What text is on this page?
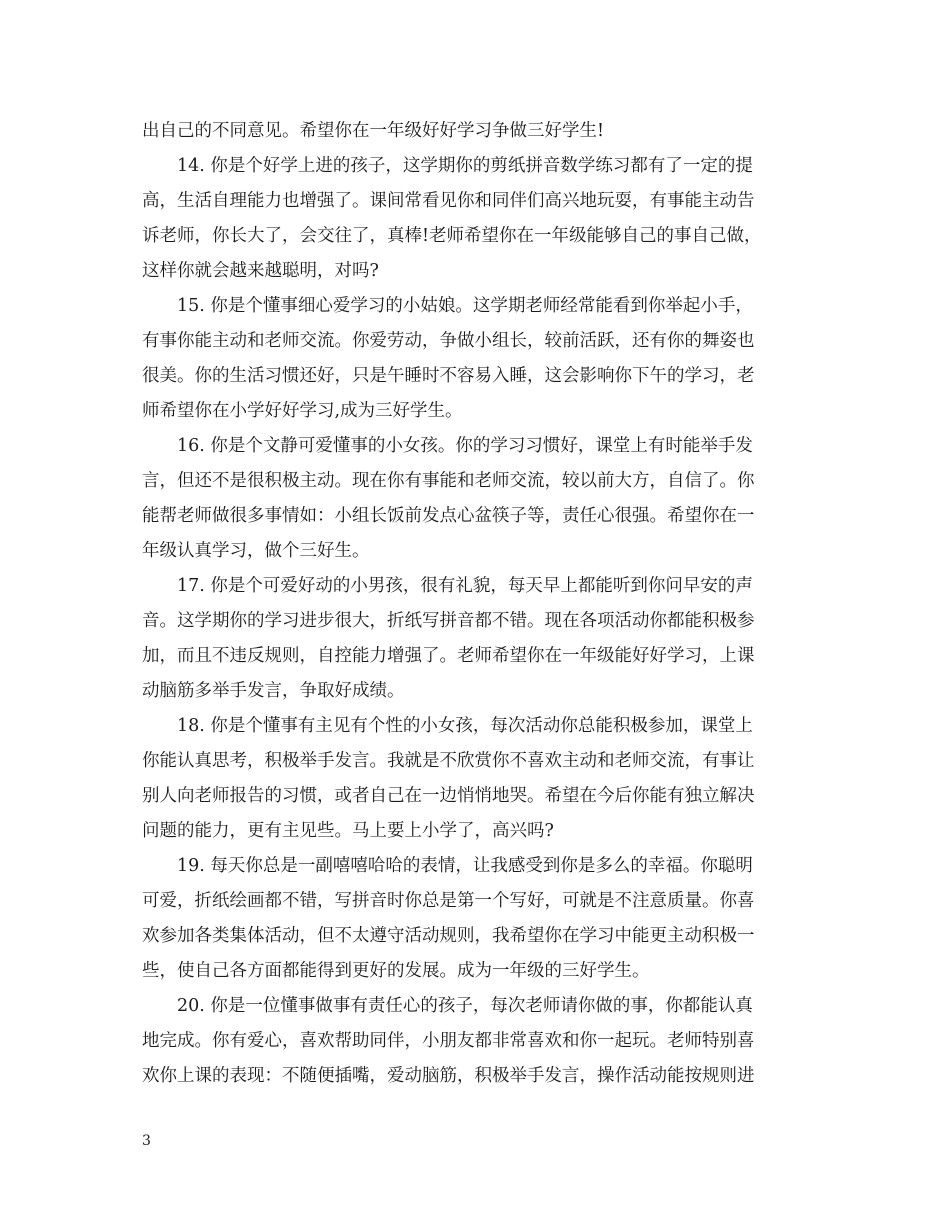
出自己的不同意见。希望你在一年级好好学习争做三好学生!
14. 你是个好学上进的孩子，这学期你的剪纸拼音数学练习都有了一定的提
高，生活自理能力也增强了。课间常看见你和同伴们高兴地玩耍，有事能主动告
诉老师，你长大了，会交往了，真棒!老师希望你在一年级能够自己的事自己做，
这样你就会越来越聪明，对吗?
15. 你是个懂事细心爱学习的小姑娘。这学期老师经常能看到你举起小手，
有事你能主动和老师交流。你爱劳动，争做小组长，较前活跃，还有你的舞姿也
很美。你的生活习惯还好，只是午睡时不容易入睡，这会影响你下午的学习，老
师希望你在小学好好学习,成为三好学生。
16. 你是个文静可爱懂事的小女孩。你的学习习惯好，课堂上有时能举手发
言，但还不是很积极主动。现在你有事能和老师交流，较以前大方，自信了。你
能帮老师做很多事情如：小组长饭前发点心盆筷子等，责任心很强。希望你在一
年级认真学习，做个三好生。
17. 你是个可爱好动的小男孩，很有礼貌，每天早上都能听到你问早安的声
音。这学期你的学习进步很大，折纸写拼音都不错。现在各项活动你都能积极参
加，而且不违反规则，自控能力增强了。老师希望你在一年级能好好学习，上课
动脑筋多举手发言，争取好成绩。
18. 你是个懂事有主见有个性的小女孩，每次活动你总能积极参加，课堂上
你能认真思考，积极举手发言。我就是不欣赏你不喜欢主动和老师交流，有事让
别人向老师报告的习惯，或者自己在一边悄悄地哭。希望在今后你能有独立解决
问题的能力，更有主见些。马上要上小学了，高兴吗?
19. 每天你总是一副嘻嘻哈哈的表情，让我感受到你是多么的幸福。你聪明
可爱，折纸绘画都不错，写拼音时你总是第一个写好，可就是不注意质量。你喜
欢参加各类集体活动，但不太遵守活动规则，我希望你在学习中能更主动积极一
些，使自己各方面都能得到更好的发展。成为一年级的三好学生。
20. 你是一位懂事做事有责任心的孩子，每次老师请你做的事，你都能认真
地完成。你有爱心，喜欢帮助同伴，小朋友都非常喜欢和你一起玩。老师特别喜
欢你上课的表现：不随便插嘴，爱动脑筋，积极举手发言，操作活动能按规则进
3
